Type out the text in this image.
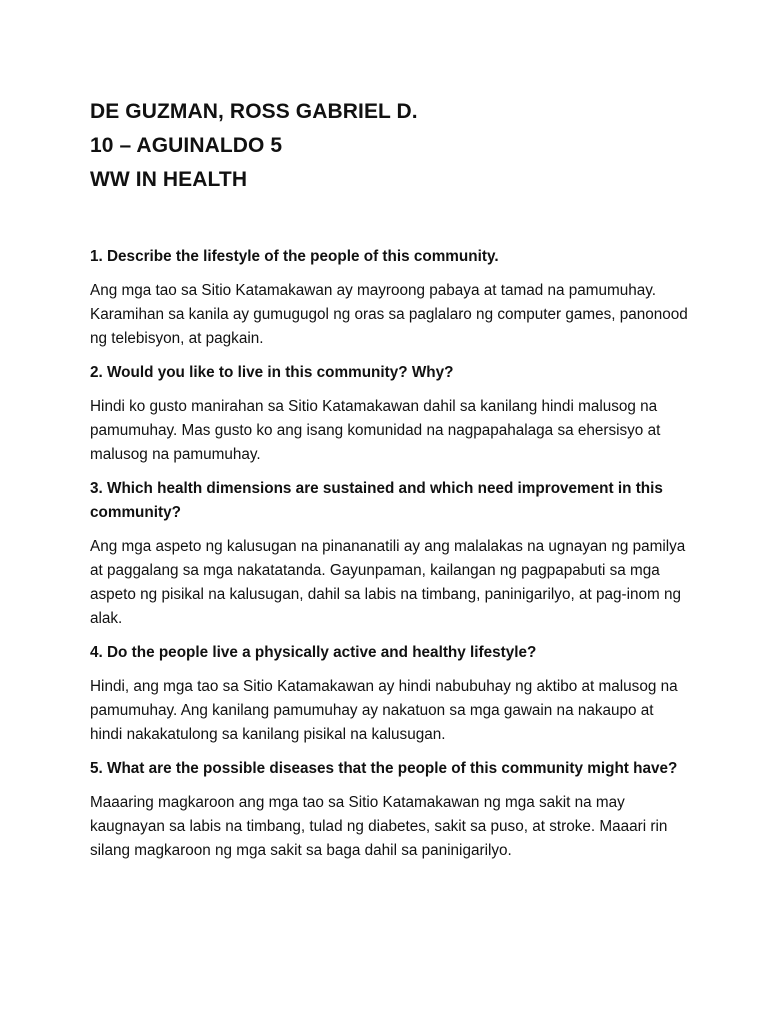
DE GUZMAN, ROSS GABRIEL D.

10 – AGUINALDO 5

WW IN HEALTH

1. Describe the lifestyle of the people of this community.

Ang mga tao sa Sitio Katamakawan ay mayroong pabaya at tamad na pamumuhay. Karamihan sa kanila ay gumugugol ng oras sa paglalaro ng computer games, panonood ng telebisyon, at pagkain.

2. Would you like to live in this community? Why?

Hindi ko gusto manirahan sa Sitio Katamakawan dahil sa kanilang hindi malusog na pamumuhay. Mas gusto ko ang isang komunidad na nagpapahalaga sa ehersisyo at malusog na pamumuhay.

3. Which health dimensions are sustained and which need improvement in this community?

Ang mga aspeto ng kalusugan na pinananatili ay ang malalakas na ugnayan ng pamilya at paggalang sa mga nakatatanda. Gayunpaman, kailangan ng pagpapabuti sa mga aspeto ng pisikal na kalusugan, dahil sa labis na timbang, paninigarilyo, at pag-inom ng alak.

4. Do the people live a physically active and healthy lifestyle?

Hindi, ang mga tao sa Sitio Katamakawan ay hindi nabubuhay ng aktibo at malusog na pamumuhay. Ang kanilang pamumuhay ay nakatuon sa mga gawain na nakaupo at hindi nakakatulong sa kanilang pisikal na kalusugan.

5. What are the possible diseases that the people of this community might have?

Maaaring magkaroon ang mga tao sa Sitio Katamakawan ng mga sakit na may kaugnayan sa labis na timbang, tulad ng diabetes, sakit sa puso, at stroke. Maaari rin silang magkaroon ng mga sakit sa baga dahil sa paninigarilyo.
